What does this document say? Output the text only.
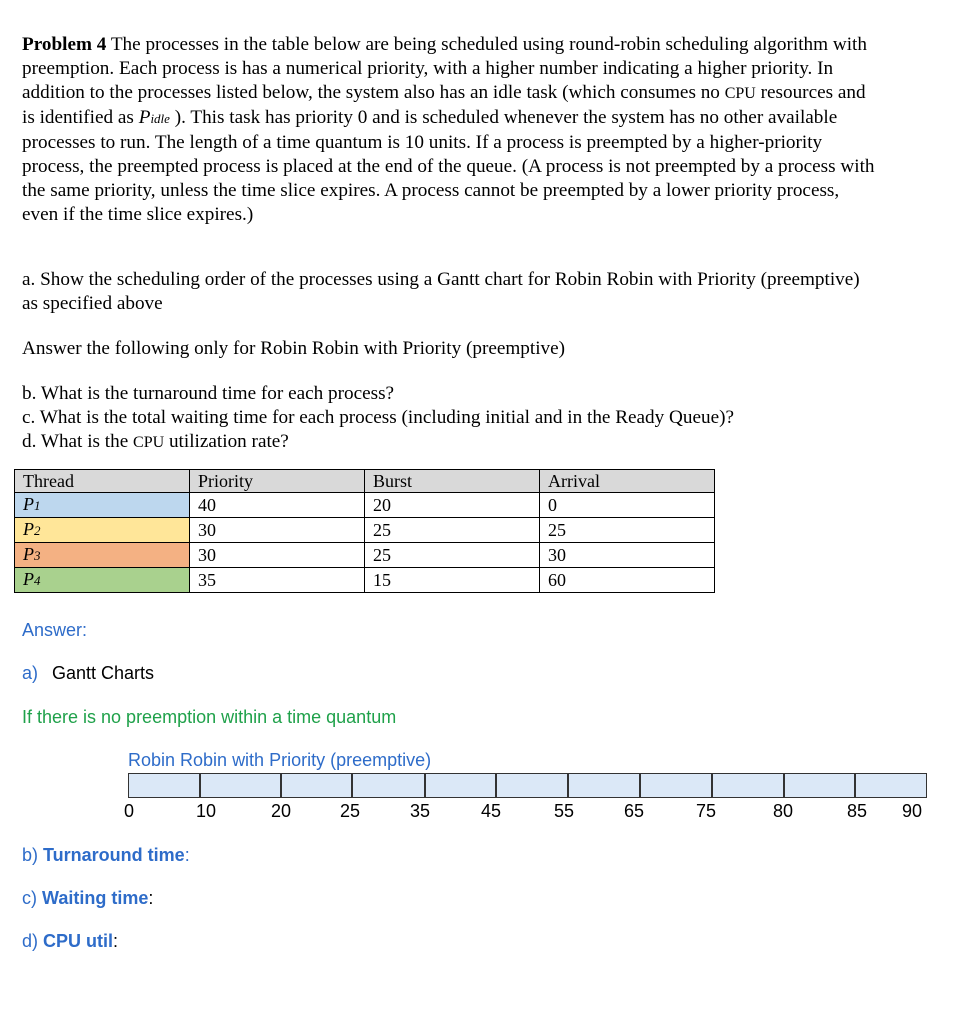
Problem 4 The processes in the table below are being scheduled using round-robin scheduling algorithm with
preemption. Each process is has a numerical priority, with a higher number indicating a higher priority. In
addition to the processes listed below, the system also has an idle task (which consumes no CPU resources and
is identified as Pidle ). This task has priority 0 and is scheduled whenever the system has no other available
processes to run. The length of a time quantum is 10 units. If a process is preempted by a higher-priority
process, the preempted process is placed at the end of the queue. (A process is not preempted by a process with
the same priority, unless the time slice expires. A process cannot be preempted by a lower priority process,
even if the time slice expires.)
a. Show the scheduling order of the processes using a Gantt chart for Robin Robin with Priority (preemptive)
as specified above
Answer the following only for Robin Robin with Priority (preemptive)
b. What is the turnaround time for each process?
c. What is the total waiting time for each process (including initial and in the Ready Queue)?
d. What is the CPU utilization rate?
Thread	Priority	Burst	Arrival
P1	40	20	0
P2	30	25	25
P3	30	25	30
P4	35	15	60
Answer:
a) Gantt Charts
If there is no preemption within a time quantum
Robin Robin with Priority (preemptive)
0	10	20	25	35	45	55	65	75	80	85 90
b) Turnaround time:
c) Waiting time:
d) CPU util:
